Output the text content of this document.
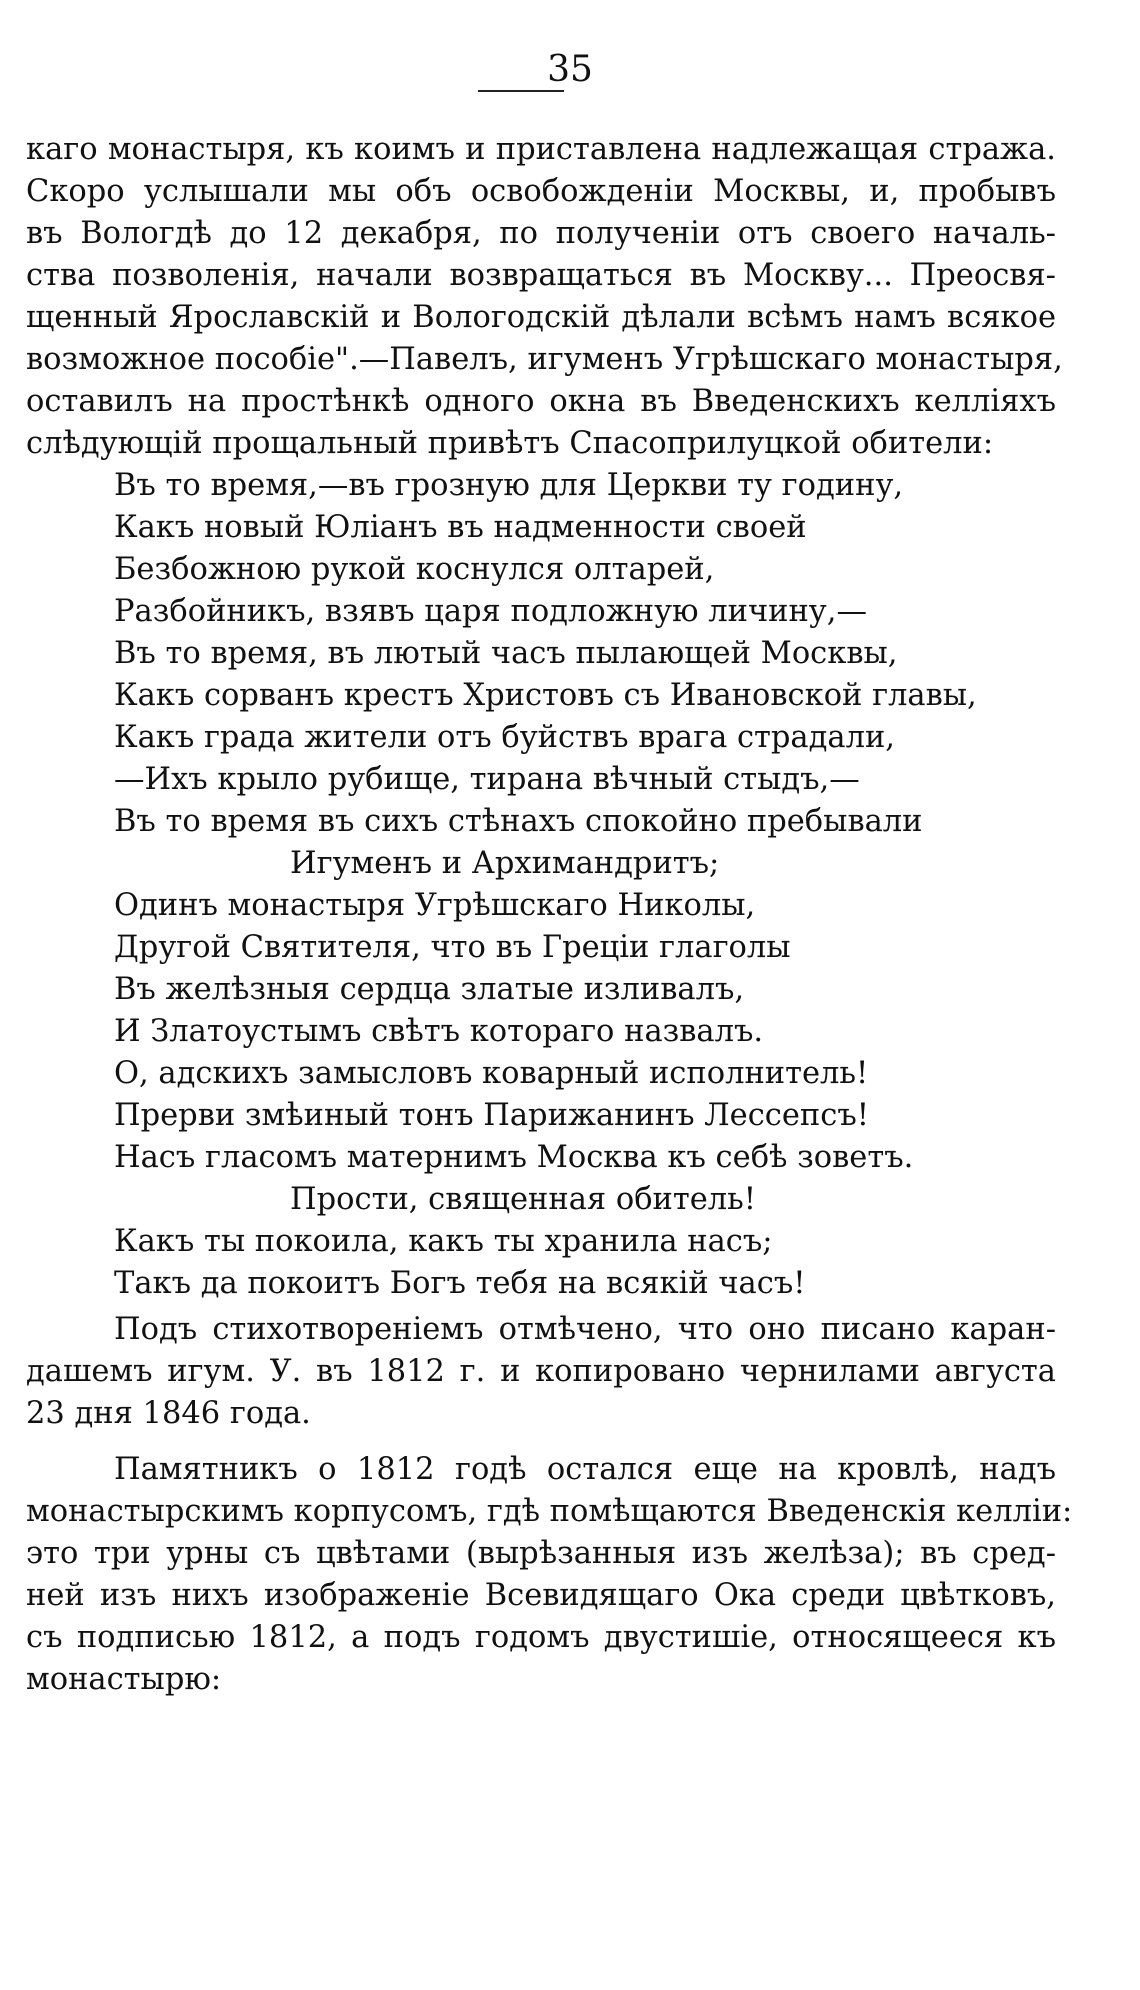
35
каго монастыря, къ коимъ и приставлена надлежащая стража.
Скоро услышали мы объ освобожденіи Москвы, и, пробывъ
въ Вологдѣ до 12 декабря, по полученіи отъ своего началь-
ства позволенія, начали возвращаться въ Москву... Преосвя-
щенный Ярославскій и Вологодскій дѣлали всѣмъ намъ всякое
возможное пособіе".—Павелъ, игуменъ Угрѣшскаго монастыря,
оставилъ на простѣнкѣ одного окна въ Введенскихъ келліяхъ
слѣдующій прощальный привѣтъ Спасоприлуцкой обители:
Въ то время,—въ грозную для Церкви ту годину,
Какъ новый Юліанъ въ надменности своей
Безбожною рукой коснулся олтарей,
Разбойникъ, взявъ царя подложную личину,—
Въ то время, въ лютый часъ пылающей Москвы,
Какъ сорванъ крестъ Христовъ съ Ивановской главы,
Какъ града жители отъ буйствъ врага страдали,
—Ихъ крыло рубище, тирана вѣчный стыдъ,—
Въ то время въ сихъ стѣнахъ спокойно пребывали
Игуменъ и Архимандритъ;
Одинъ монастыря Угрѣшскаго Николы,
Другой Святителя, что въ Греціи глаголы
Въ желѣзныя сердца златые изливалъ,
И Златоустымъ свѣтъ котораго назвалъ.
О, адскихъ замысловъ коварный исполнитель!
Прерви змѣиный тонъ Парижанинъ Лессепсъ!
Насъ гласомъ матернимъ Москва къ себѣ зоветъ.
Прости, священная обитель!
Какъ ты покоила, какъ ты хранила насъ;
Такъ да покоитъ Богъ тебя на всякій часъ!
Подъ стихотвореніемъ отмѣчено, что оно писано каран-
дашемъ игум. У. въ 1812 г. и копировано чернилами августа
23 дня 1846 года.
Памятникъ о 1812 годѣ остался еще на кровлѣ, надъ
монастырскимъ корпусомъ, гдѣ помѣщаются Введенскія келліи:
это три урны съ цвѣтами (вырѣзанныя изъ желѣза); въ сред-
ней изъ нихъ изображеніе Всевидящаго Ока среди цвѣтковъ,
съ подписью 1812, а подъ годомъ двустишіе, относящееся къ
монастырю:
